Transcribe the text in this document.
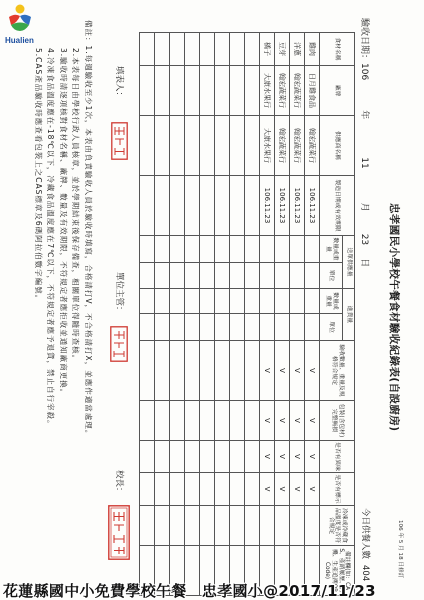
忠孝國民小學校午餐食材驗收紀錄表(自設廚房)
106 年 5 月 18 日修訂
驗收日期：106年11月23日
今日供餐人數404
食材名稱	廠牌	供應商名稱	製造日期或有效期限	送單供應量		進貨量		驗收數量、重量及規格符合規定	包裝(含包材)完整無損	是否有異味	是否有標示	冷凍或冷藏食品溫度是否符合規定	備註欄(如：CAS、產銷履歷、有機、生產追溯QR Code)
				數量或重量	單位	數量或重量	單位						
雞肉	日月雞食品	翰宏蔬菜行	106.11.23					V	V	V	V		
洋蔥	翰宏蔬菜行	翰宏蔬菜行	106.11.23					V	V	V	V		
豆芽	翰宏蔬菜行	翰宏蔬菜行	106.11.23					V	V	V	V		
橘子	大康水果行	大康水果行	106.11.23					V	V	V	V		

填表人：
單位主管：
校長：
備註：1.每週驗收至少1次，本表由負責驗收人員於驗收時填寫，合格請打V，不合格請打X，並應作適當處理。
2.本表每日由學校行政人員核章，並於學期結束後保存備查，相關單位得隨時查核。
3.驗收時請逐項核對食材名稱、廠牌、數量及有效期限，不符規定者應拒收並通知廠商更換。
4.冷凍食品溫度應在-18℃以下，冷藏食品溫度應在7℃以下，不符規定者應予退貨，禁止自行宰殺。
5.CAS產品驗收時應查看包裝上之CAS標章及6碼阿拉伯數字編號。
Hualien
花蓮縣國中小免費學校午餐　忠孝國小@2017/11/23
